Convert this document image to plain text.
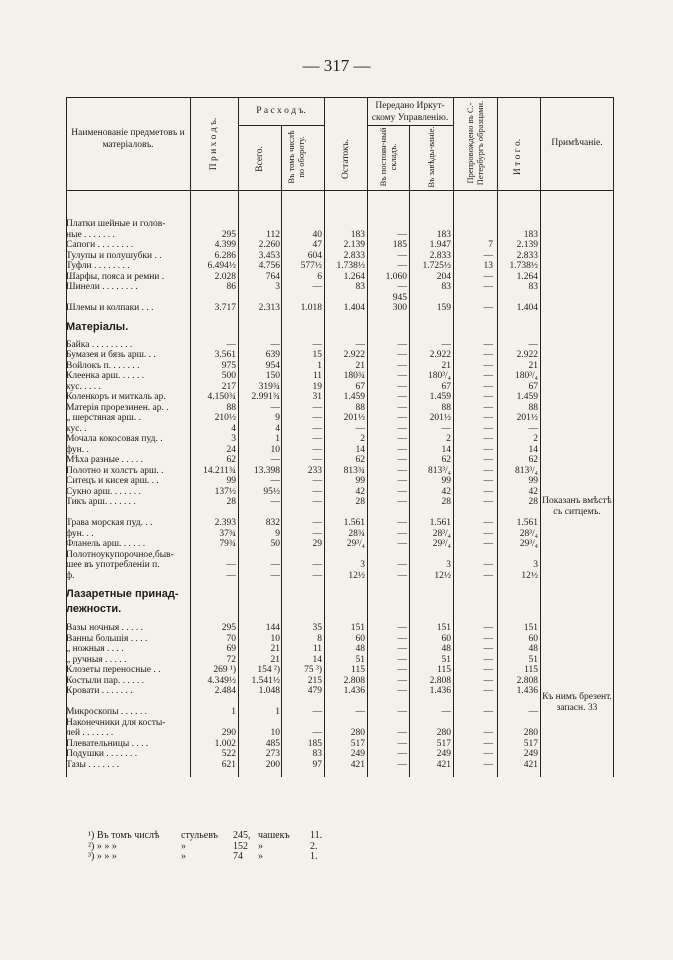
— 317 —
Наименованіе предметовъ и матеріаловъ.	П р и х о д ъ.
Р а с х о д ъ.
Всего. Въ томъ числѣ по обороту.	Остатокъ.
Передано Иркут-скому Управленію.
Въ постоян-ный складъ.	Въ завѣды-ваніе.	Препровождено въ С.-Петербургъ образцами.	И т о г о.	Примѣчаніе.
Платки шейные и голов-
ные . . . . . . .	295	112	40	183	—	183	183
Сапоги . . . . . . . .	4.399	2.260	47	2.139	185	1.947	7	2.139
Тулупы и полушубки . .	6.286	3.453	604	2.833	—	2.833	—	2.833
Туфли . . . . . . . .	6.494½	4.756	577½	1.738½	—	1.725½	13	1.738½
Шарфы, пояса и ремни .	2.028	764	6	1.264	1.060	204	—	1.264
Шинели . . . . . . . .	86	3	—	83	—	83	—	83
945
Шлемы и колпаки . . .	3.717	2.313	1.018	1.404	300	159	—	1.404
Матеріалы.
Байка . . . . . . . . .	—	—	—	—	—	—	—	—
Бумазея и бязь арш. . .	3.561	639	15	2.922	—	2.922	—	2.922
Войлокъ п. . . . . . .	975	954	1	21	—	21	—	21
Клеенка арш. . . . . .	500	150	11	180¾	—	180³/₄	—	180³/₄
кус. . . . .	217	319¾	19	67	—	67	—	67
Коленкоръ и миткаль ар.	4.150¾	2.991¾	31	1.459	—	1.459	—	1.459
Матерія прорезинен. ар. .	88	—	—	88	—	88	—	88
„ шерстяная арш. .	210½	9	—	201½	—	201½	—	201½
кус. .	4	4	—	—	—	—	—	—
Мочала кокосовая пуд. .	3	1	—	2	—	2	—	2
фун. .	24	10	—	14	—	14	—	14
Мѣха разные . . . . .	62	—	—	62	—	62	—	62
Полотно и холстъ арш. .	14.211¾	13.398	233	813¾	—	813³/₄	—	813³/₄
Ситецъ и кисея арш. . .	99	—	—	99	—	99	—	99
Сукно арш. . . . . . .	137½	95½	—	42	—	42	—	42
Тикъ арш. . . . . . .	28	—	—	28	—	28	—	28
Трава морская пуд. . .	2.393	832	—	1.561	—	1.561	—	1.561
фун. . .	37¾	9	—	28¾	—	28³/₄	—	28³/₄
Фланель арш. . . . . .	79¾	50	29	29³/₄	—	29³/₄	—	29³/₄
Полотноукупорочное,быв-
шее въ употребленіи п.	—	—	—	3	—	3	—	3
ф.	—	—	—	12½	—	12½	—	12½
Лазаретные принад-лежности.
Вазы ночныя . . . . .	295	144	35	151	—	151	—	151
Ванны большія . . . .	70	10	8	60	—	60	—	60
„ ножныя . . . .	69	21	11	48	—	48	—	48
„ ручныя . . . . .	72	21	14	51	—	51	—	51
Клозеты переносные . .	269 ¹)	154 ²)	75 ³)	115	—	115	—	115
Костыли пар. . . . . .	4.349½	1.541½	215	2.808	—	2.808	—	2.808
Кровати . . . . . . .	2.484	1.048	479	1.436	—	1.436	—	1.436
Микроскопы . . . . . .	1	1	—	—	—	—	—	—
Наконечники для косты-
лей . . . . . . .	290	10	—	280	—	280	—	280
Плевательницы . . . .	1.002	485	185	517	—	517	—	517
Подушки . . . . . . .	522	273	83	249	—	249	—	249
Тазы . . . . . . .	621	200	97	421	—	421	—	421
Показанъ вмѣстѣ съ ситцемъ.
Къ нимъ брезент. запасн. 33
¹) Въ томъ числѣ стульевъ 245, чашекъ 11.
²) » » »	»	152 »	2.
³) » » »	»	74 »	1.
